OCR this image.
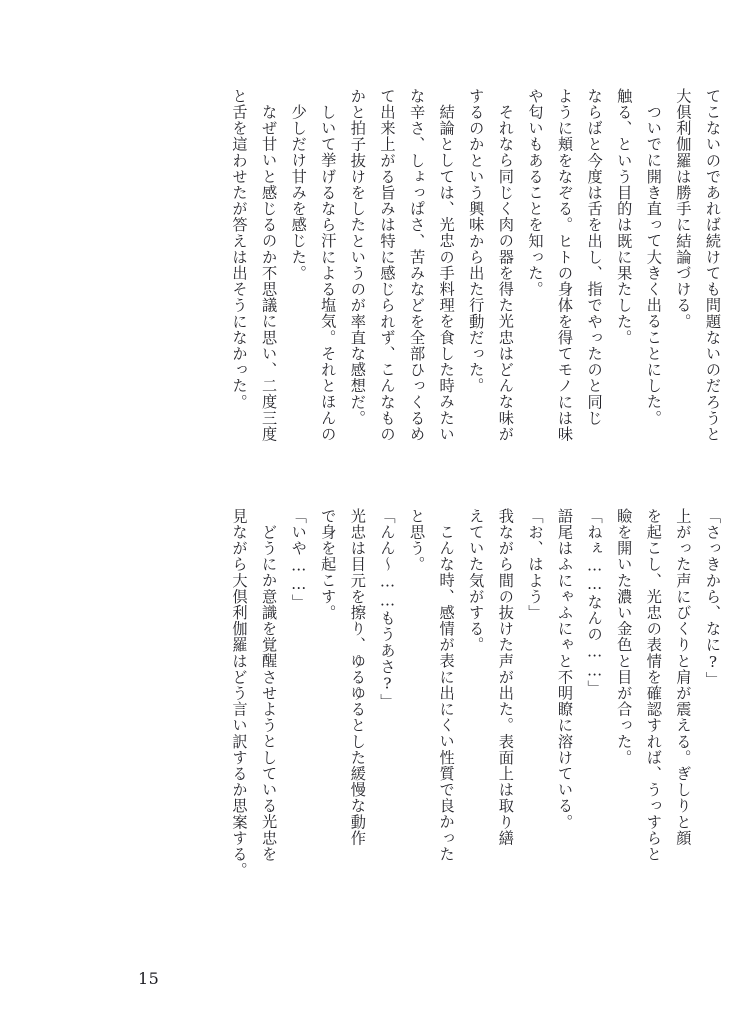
てこないのであれば続けても問題ないのだろうと
大倶利伽羅は勝手に結論づける。
ついでに開き直って大きく出ることにした。
触る、という目的は既に果たした。
ならばと今度は舌を出し、指でやったのと同じ
ように頬をなぞる。ヒトの身体を得てモノには味
や匂いもあることを知った。
それなら同じく肉の器を得た光忠はどんな味が
するのかという興味から出た行動だった。
結論としては、光忠の手料理を食した時みたい
な辛さ、しょっぱさ、苦みなどを全部ひっくるめ
て出来上がる旨みは特に感じられず、こんなもの
かと拍子抜けをしたというのが率直な感想だ。
しいて挙げるなら汗による塩気。それとほんの
少しだけ甘みを感じた。
なぜ甘いと感じるのか不思議に思い、二度三度
と舌を這わせたが答えは出そうになかった。
「さっきから、なに?」
上がった声にびくりと肩が震える。ぎしりと顔
を起こし、光忠の表情を確認すれば、うっすらと
瞼を開いた濃い金色と目が合った。
「ねぇ……なんの……」
語尾はふにゃふにゃと不明瞭に溶けている。
「お、はよう」
我ながら間の抜けた声が出た。表面上は取り繕
えていた気がする。
こんな時、感情が表に出にくい性質で良かった
と思う。
「んん〜……もうあさ?」
光忠は目元を擦り、ゆるゆるとした緩慢な動作
で身を起こす。
「いや……」
どうにか意識を覚醒させようとしている光忠を
見ながら大倶利伽羅はどう言い訳するか思案する。
15
